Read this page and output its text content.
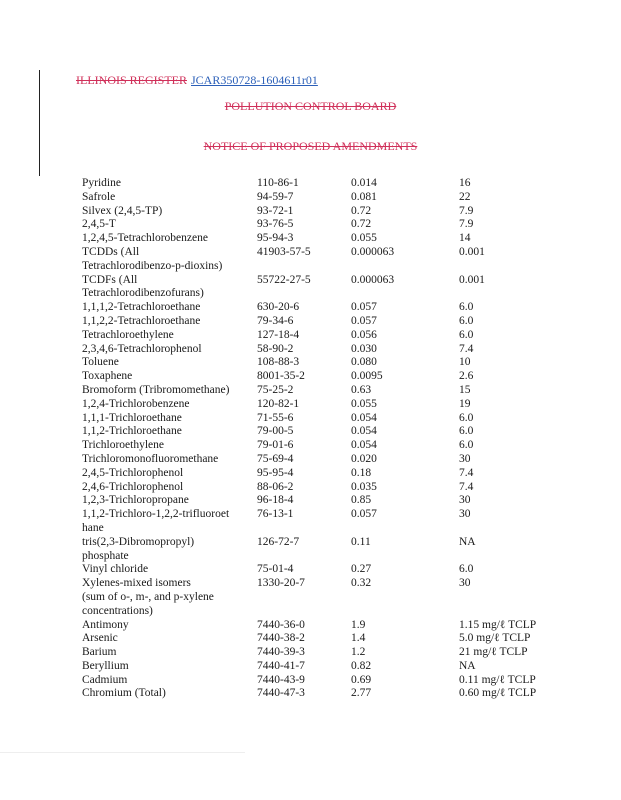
ILLINOIS REGISTER JCAR350728-1604611r01
POLLUTION CONTROL BOARD
NOTICE OF PROPOSED AMENDMENTS
Pyridine	110-86-1	0.014	16
Safrole	94-59-7	0.081	22
Silvex (2,4,5-TP)	93-72-1	0.72	7.9
2,4,5-T	93-76-5	0.72	7.9
1,2,4,5-Tetrachlorobenzene	95-94-3	0.055	14
TCDDs (All	41903-57-5	0.000063	0.001
Tetrachlorodibenzo-p-dioxins)			
TCDFs (All	55722-27-5	0.000063	0.001
Tetrachlorodibenzofurans)			
1,1,1,2-Tetrachloroethane	630-20-6	0.057	6.0
1,1,2,2-Tetrachloroethane	79-34-6	0.057	6.0
Tetrachloroethylene	127-18-4	0.056	6.0
2,3,4,6-Tetrachlorophenol	58-90-2	0.030	7.4
Toluene	108-88-3	0.080	10
Toxaphene	8001-35-2	0.0095	2.6
Bromoform (Tribromomethane)	75-25-2	0.63	15
1,2,4-Trichlorobenzene	120-82-1	0.055	19
1,1,1-Trichloroethane	71-55-6	0.054	6.0
1,1,2-Trichloroethane	79-00-5	0.054	6.0
Trichloroethylene	79-01-6	0.054	6.0
Trichloromonofluoromethane	75-69-4	0.020	30
2,4,5-Trichlorophenol	95-95-4	0.18	7.4
2,4,6-Trichlorophenol	88-06-2	0.035	7.4
1,2,3-Trichloropropane	96-18-4	0.85	30
1,1,2-Trichloro-1,2,2-trifluoroet	76-13-1	0.057	30
hane			
tris(2,3-Dibromopropyl)	126-72-7	0.11	NA
phosphate			
Vinyl chloride	75-01-4	0.27	6.0
Xylenes-mixed isomers	1330-20-7	0.32	30
(sum of o-, m-, and p-xylene			
concentrations)			
Antimony	7440-36-0	1.9	1.15 mg/ℓ TCLP
Arsenic	7440-38-2	1.4	5.0 mg/ℓ TCLP
Barium	7440-39-3	1.2	21 mg/ℓ TCLP
Beryllium	7440-41-7	0.82	NA
Cadmium	7440-43-9	0.69	0.11 mg/ℓ TCLP
Chromium (Total)	7440-47-3	2.77	0.60 mg/ℓ TCLP
